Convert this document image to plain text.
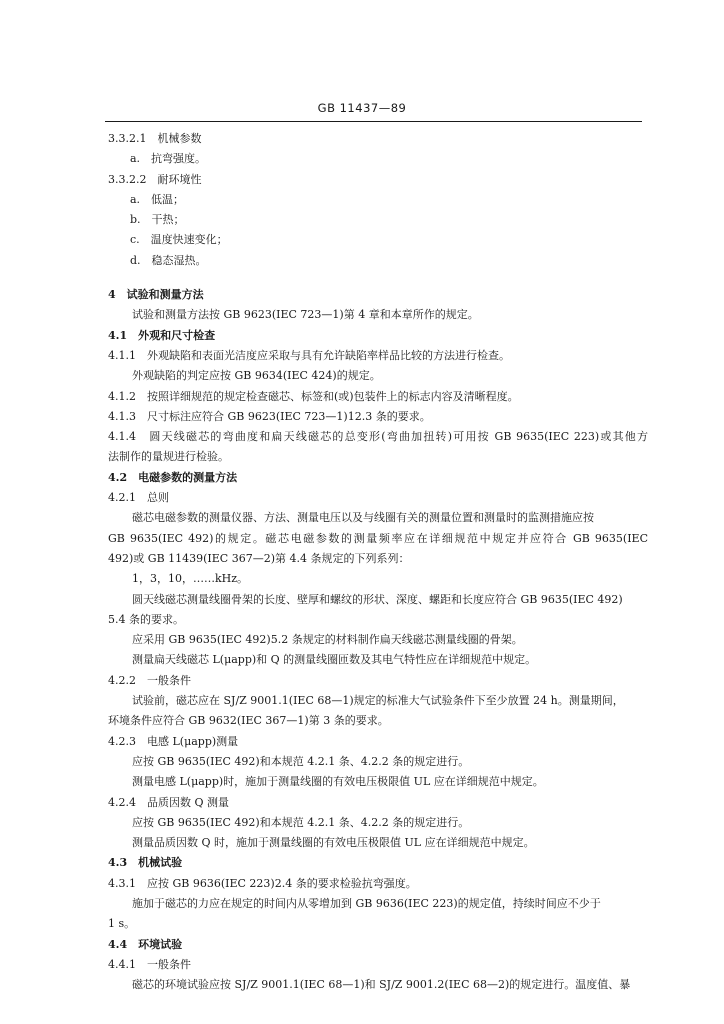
GB 11437—89
3.3.2.1　机械参数
a.　抗弯强度。
3.3.2.2　耐环境性
a.　低温；
b.　干热；
c.　温度快速变化；
d.　稳态湿热。
4　试验和测量方法
试验和测量方法按 GB 9623(IEC 723—1)第 4 章和本章所作的规定。
4.1　外观和尺寸检查
4.1.1　外观缺陷和表面光洁度应采取与具有允许缺陷率样品比较的方法进行检查。
外观缺陷的判定应按 GB 9634(IEC 424)的规定。
4.1.2　按照详细规范的规定检查磁芯、标签和(或)包装件上的标志内容及清晰程度。
4.1.3　尺寸标注应符合 GB 9623(IEC 723—1)12.3 条的要求。
4.1.4　圆天线磁芯的弯曲度和扁天线磁芯的总变形(弯曲加扭转)可用按 GB 9635(IEC 223)或其他方
法制作的量规进行检验。
4.2　电磁参数的测量方法
4.2.1　总则
磁芯电磁参数的测量仪器、方法、测量电压以及与线圈有关的测量位置和测量时的监测措施应按
GB 9635(IEC 492)的规定。磁芯电磁参数的测量频率应在详细规范中规定并应符合 GB 9635(IEC
492)或 GB 11439(IEC 367—2)第 4.4 条规定的下列系列：
1，3，10，……kHz。
圆天线磁芯测量线圈骨架的长度、壁厚和螺纹的形状、深度、螺距和长度应符合 GB 9635(IEC 492)
5.4 条的要求。
应采用 GB 9635(IEC 492)5.2 条规定的材料制作扁天线磁芯测量线圈的骨架。
测量扁天线磁芯 L(μapp)和 Q 的测量线圈匝数及其电气特性应在详细规范中规定。
4.2.2　一般条件
试验前，磁芯应在 SJ/Z 9001.1(IEC 68—1)规定的标准大气试验条件下至少放置 24 h。测量期间，
环境条件应符合 GB 9632(IEC 367—1)第 3 条的要求。
4.2.3　电感 L(μapp)测量
应按 GB 9635(IEC 492)和本规范 4.2.1 条、4.2.2 条的规定进行。
测量电感 L(μapp)时，施加于测量线圈的有效电压极限值 UL 应在详细规范中规定。
4.2.4　品质因数 Q 测量
应按 GB 9635(IEC 492)和本规范 4.2.1 条、4.2.2 条的规定进行。
测量品质因数 Q 时，施加于测量线圈的有效电压极限值 UL 应在详细规范中规定。
4.3　机械试验
4.3.1　应按 GB 9636(IEC 223)2.4 条的要求检验抗弯强度。
施加于磁芯的力应在规定的时间内从零增加到 GB 9636(IEC 223)的规定值，持续时间应不少于
1 s。
4.4　环境试验
4.4.1　一般条件
磁芯的环境试验应按 SJ/Z 9001.1(IEC 68—1)和 SJ/Z 9001.2(IEC 68—2)的规定进行。温度值、暴
